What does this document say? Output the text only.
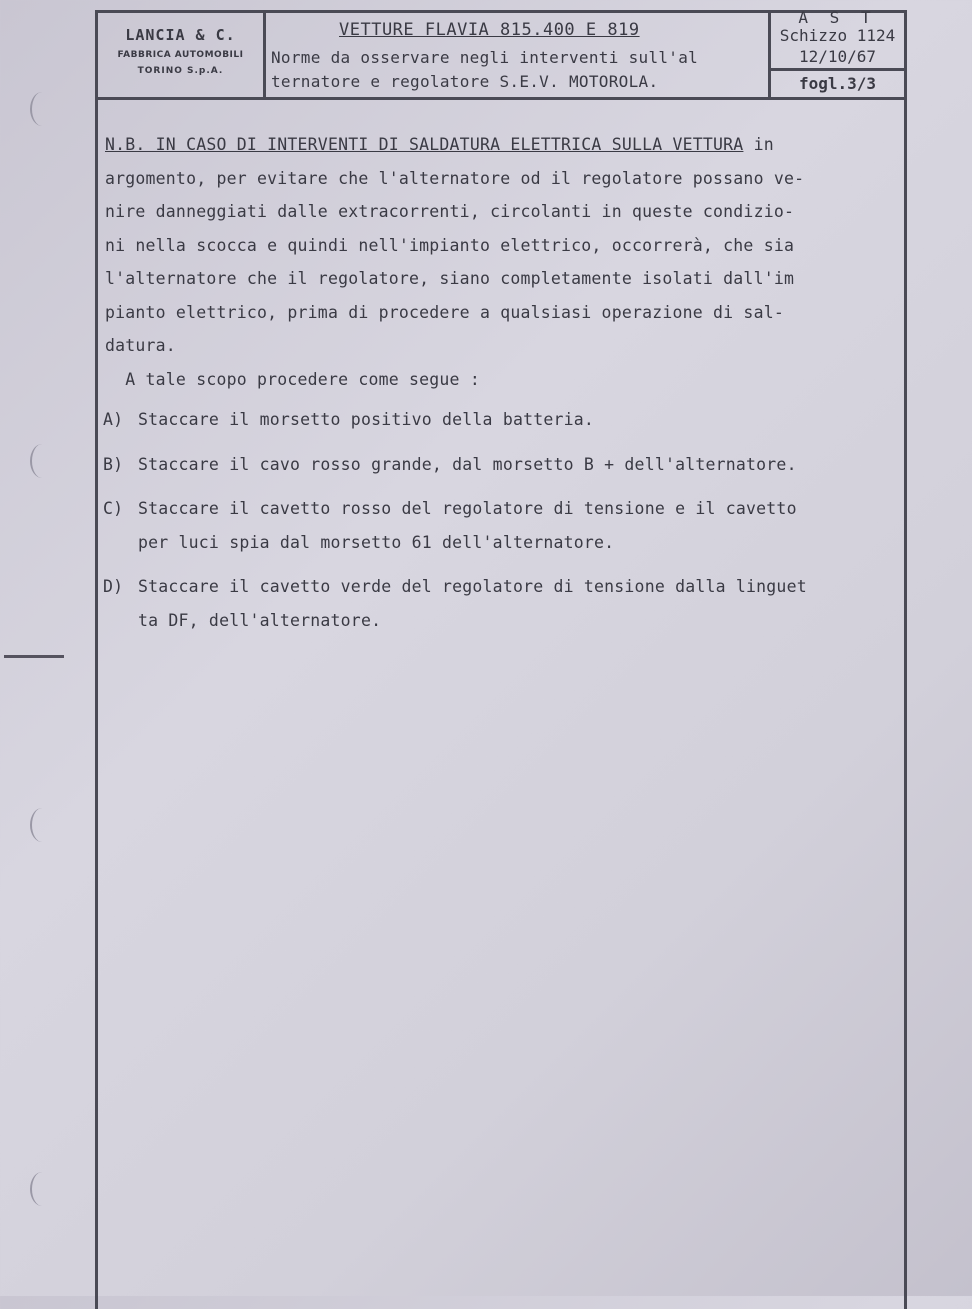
LANCIA & C.
FABBRICA AUTOMOBILI
TORINO S.p.A.
VETTURE FLAVIA 815.400 E 819
Norme da osservare negli interventi sull'al
ternatore e regolatore S.E.V. MOTOROLA.
A S T
Schizzo 1124
12/10/67
fogl.3/3

N.B. IN CASO DI INTERVENTI DI SALDATURA ELETTRICA SULLA VETTURA in

argomento, per evitare che l'alternatore od il regolatore possano ve-

nire danneggiati dalle extracorrenti, circolanti in queste condizio-

ni nella scocca e quindi nell'impianto elettrico, occorrerà, che sia

l'alternatore che il regolatore, siano completamente isolati dall'im

pianto elettrico, prima di procedere a qualsiasi operazione di sal-

datura.

A tale scopo procedere come segue :

A) Staccare il morsetto positivo della batteria.
B) Staccare il cavo rosso grande, dal morsetto B + dell'alternatore.
C) Staccare il cavetto rosso del regolatore di tensione e il cavetto
per luci spia dal morsetto 61 dell'alternatore.
D) Staccare il cavetto verde del regolatore di tensione dalla linguet
ta DF, dell'alternatore.
